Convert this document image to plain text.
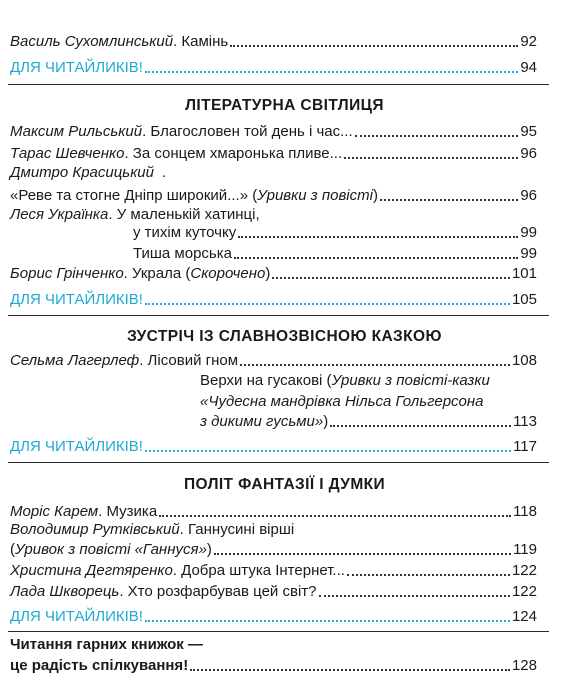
Василь Сухомлинський . Камінь	92
ДЛЯ ЧИТАЙЛИКІВ!	94
ЛІТЕРАТУРНА СВІТЛИЦЯ
Максим Рильський . Благословен той день і час...	95
Тарас Шевченко . За сонцем хмаронька пливе...	96
Дмитро Красицький .
«Реве та стогне Дніпр широкий...» ( Уривки з повісті )	96
Леся Українка. У маленькій хатинці,
у тихім куточку	99
Тиша морська	99
Борис Грінченко . Украла ( Скорочено )	101
ДЛЯ ЧИТАЙЛИКІВ!	105
ЗУСТРІЧ ІЗ СЛАВНОЗВІСНОЮ КАЗКОЮ
Сельма Лагерлеф . Лісовий гном	108
Верхи на гусакові (Уривки з повісті-казки
«Чудесна мандрівка Нільса Гольгерсона
з дикими гусьми» )	113
ДЛЯ ЧИТАЙЛИКІВ!	117
ПОЛІТ ФАНТАЗІЇ І ДУМКИ
Моріс Карем . Музика	118
Володимир Рутківський. Ганнусині вірші
( Уривок з повісті «Ганнуся» )	119
Христина Дегтяренко . Добра штука Інтернет...	122
Лада Шкворець . Хто розфарбував цей світ?	122
ДЛЯ ЧИТАЙЛИКІВ!	124
Читання гарних книжок —
це радість спілкування!	128
